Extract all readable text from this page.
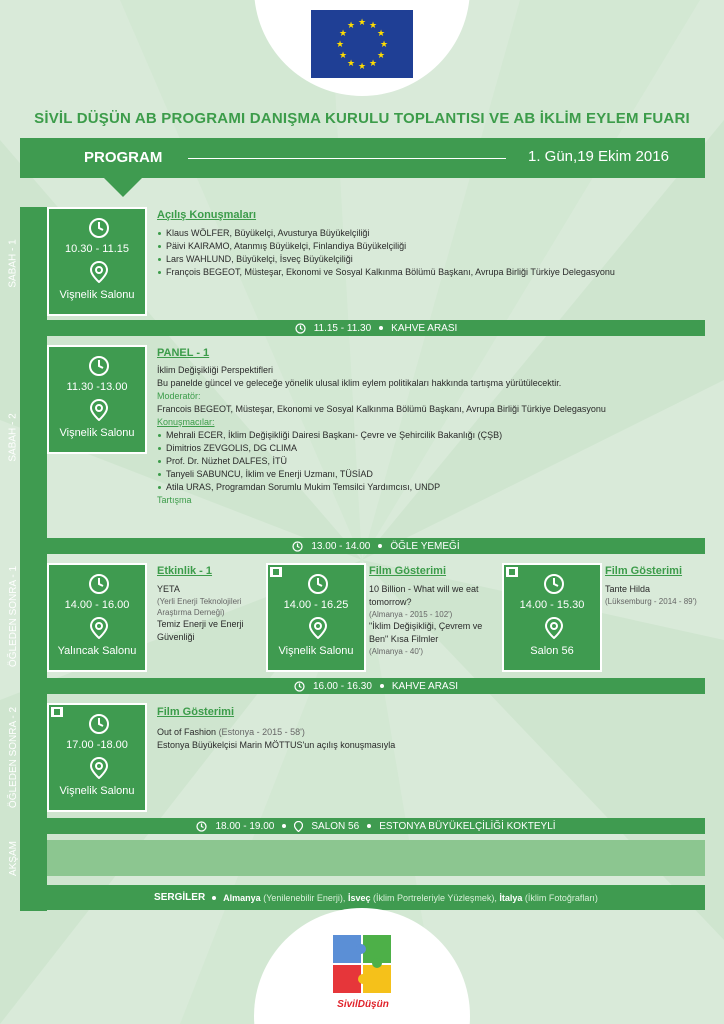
★ ★
★
★
★
★
★
★
★
★
★
★
SİVİL DÜŞÜN AB PROGRAMI DANIŞMA KURULU TOPLANTISI VE AB İKLİM EYLEM FUARI
PROGRAM	1. Gün,19 Ekim 2016
SABAH - 1
SABAH - 2
ÖĞLEDEN SONRA - 1
ÖĞLEDEN SONRA - 2
AKŞAM
10.30 - 11.15
Vişnelik Salonu
Açılış Konuşmaları
Klaus WÖLFER, Büyükelçi, Avusturya Büyükelçiliği
Päivi KAIRAMO, Atanmış Büyükelçi, Finlandiya Büyükelçiliği
Lars WAHLUND, Büyükelçi, İsveç Büyükelçiliği
François BEGEOT, Müsteşar, Ekonomi ve Sosyal Kalkınma Bölümü Başkanı, Avrupa Birliği Türkiye Delegasyonu
11.15 - 11.30 KAHVE ARASI
11.30 -13.00
Vişnelik Salonu
PANEL - 1
İklim Değişikliği Perspektifleri
Bu panelde güncel ve geleceğe yönelik ulusal iklim eylem politikaları hakkında tartışma yürütülecektir.
Moderatör:
Francois BEGEOT, Müsteşar, Ekonomi ve Sosyal Kalkınma Bölümü Başkanı, Avrupa Birliği Türkiye Delegasyonu
Konuşmacılar:
Mehrali ECER, İklim Değişikliği Dairesi Başkanı- Çevre ve Şehircilik Bakanlığı (ÇŞB)
Dimitrios ZEVGOLIS, DG CLIMA
Prof. Dr. Nüzhet DALFES, İTÜ
Tanyeli SABUNCU, İklim ve Enerji Uzmanı, TÜSİAD
Atila URAS, Programdan Sorumlu Mukim Temsilci Yardımcısı, UNDP
Tartışma
13.00 - 14.00 ÖĞLE YEMEĞİ
14.00 - 16.00
Yalıncak Salonu
Etkinlik - 1
YETA
(Yerli Enerji Teknolojileri Araştırma Derneği)
Temiz Enerji ve Enerji Güvenliği
14.00 - 16.25
Vişnelik Salonu
Film Gösterimi
10 Billion - What will we eat tomorrow?
(Almanya - 2015 - 102')
"İklim Değişikliği, Çevrem ve Ben" Kısa Filmler
(Almanya - 40')
14.00 - 15.30
Salon 56
Film Gösterimi
Tante Hilda
(Lüksemburg - 2014 - 89')
16.00 - 16.30 KAHVE ARASI
17.00 -18.00
Vişnelik Salonu
Film Gösterimi
Out of Fashion (Estonya - 2015 - 58')
Estonya Büyükelçisi Marin MÖTTUS'un açılış konuşmasıyla
18.00 - 19.00	SALON 56 ESTONYA BÜYÜKELÇİLİĞİ KOKTEYLİ
SERGİLER Almanya
(Yenilenebilir Enerji),
İsveç
(İklim Portreleriyle Yüzleşmek),
İtalya
(İklim Fotoğrafları)
SivilDüşün
